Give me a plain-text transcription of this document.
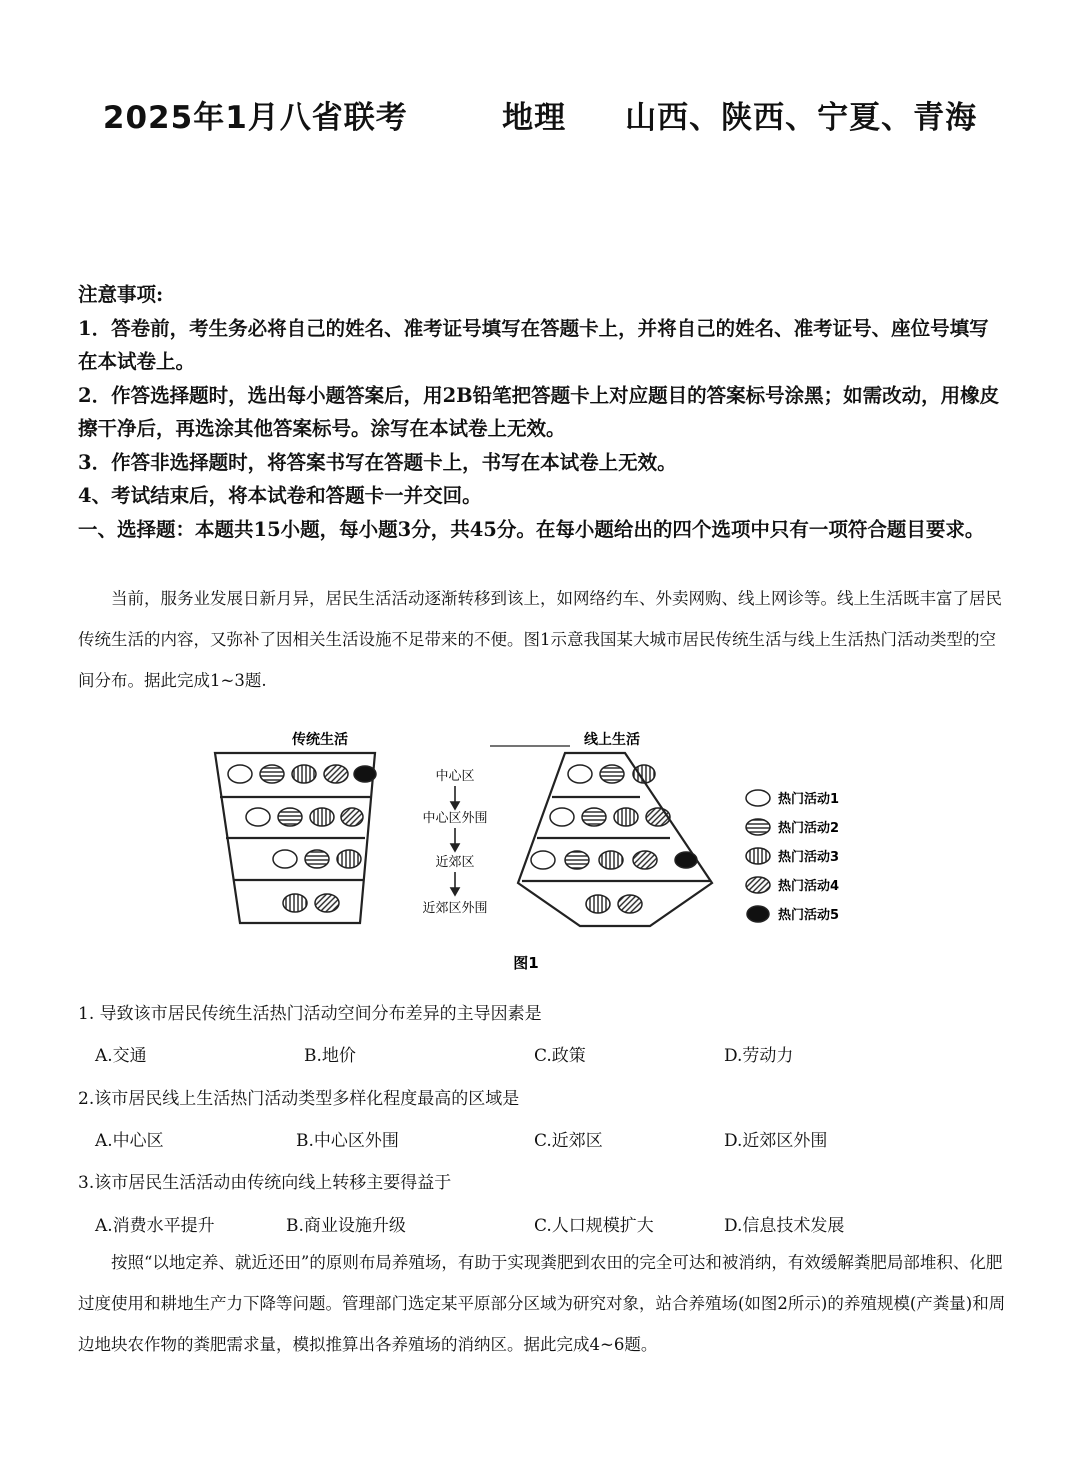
2025年1月八省联考        地理     山西、陕西、宁夏、青海

注意事项:

1．答卷前，考生务必将自己的姓名、准考证号填写在答题卡上，并将自己的姓名、准考证号、座位号填写在本试卷上。

2．作答选择题时，选出每小题答案后，用2B铅笔把答题卡上对应题目的答案标号涂黑；如需改动，用橡皮擦干净后，再选涂其他答案标号。涂写在本试卷上无效。

3．作答非选择题时，将答案书写在答题卡上，书写在本试卷上无效。

4、考试结束后，将本试卷和答题卡一并交回。

一、选择题：本题共15小题，每小题3分，共45分。在每小题给出的四个选项中只有一项符合题目要求。

当前，服务业发展日新月异，居民生活活动逐渐转移到该上，如网络约车、外卖网购、线上网诊等。线上生活既丰富了居民传统生活的内容，又弥补了因相关生活设施不足带来的不便。图1示意我国某大城市居民传统生活与线上生活热门活动类型的空间分布。据此完成1~3题.

传统生活	线上生活
中心区
中心区外围
近郊区
近郊区外围
热门活动1
热门活动2
热门活动3
热门活动4
热门活动5
图1
1. 导致该市居民传统生活热门活动空间分布差异的主导因素是
A.交通	B.地价	C.政策	D.劳动力
2.该市居民线上生活热门活动类型多样化程度最高的区域是
A.中心区	B.中心区外围	C.近郊区	D.近郊区外围
3.该市居民生活活动由传统向线上转移主要得益于
A.消费水平提升	B.商业设施升级	C.人口规模扩大	D.信息技术发展

按照“以地定养、就近还田”的原则布局养殖场，有助于实现粪肥到农田的完全可达和被消纳，有效缓解粪肥局部堆积、化肥过度使用和耕地生产力下降等问题。管理部门选定某平原部分区域为研究对象，站合养殖场(如图2所示)的养殖规模(产粪量)和周边地块农作物的粪肥需求量，模拟推算出各养殖场的消纳区。据此完成4~6题。
